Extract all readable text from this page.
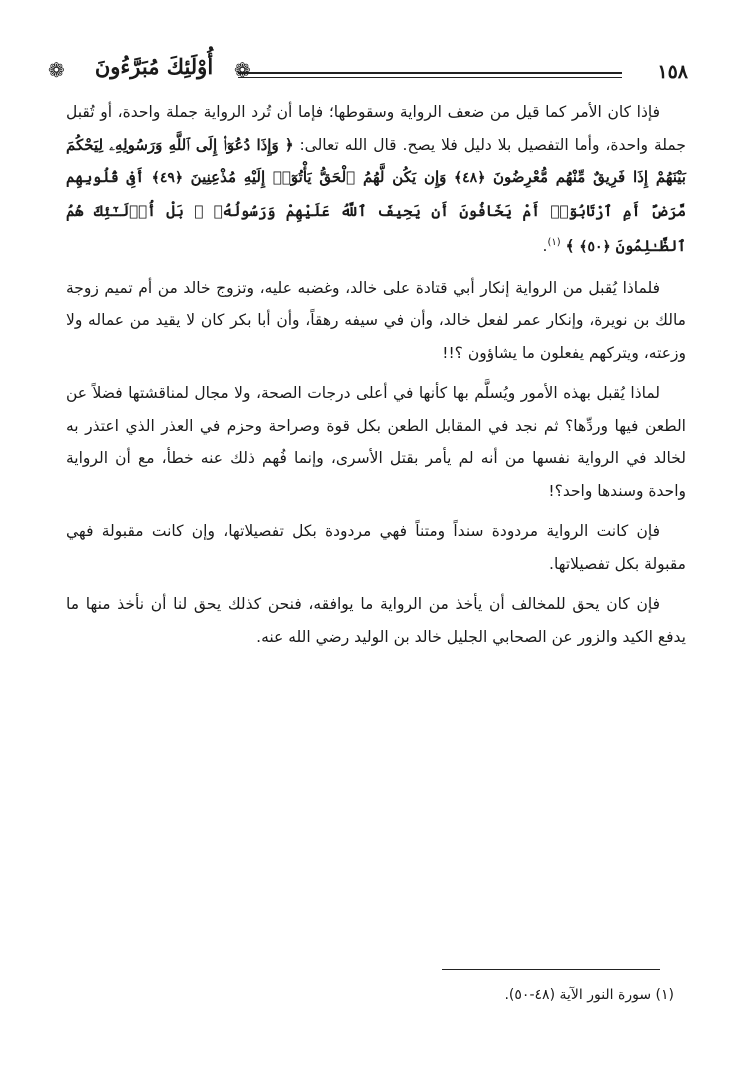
١٥٨
❁
أُوْلَئِكَ مُبَرَّءُونَ
❁

فإذا كان الأمر كما قيل من ضعف الرواية وسقوطها؛ فإما أن تُرد الرواية جملة واحدة، أو تُقبل جملة واحدة، وأما التفصيل بلا دليل فلا يصح. قال الله تعالى: ﴿ وَإِذَا دُعُوٓا۟ إِلَى ٱللَّهِ وَرَسُولِهِۦ لِيَحْكُمَ بَيْنَهُمْ إِذَا فَرِيقٌ مِّنْهُم مُّعْرِضُونَ ﴿٤٨﴾ وَإِن يَكُن لَّهُمُ ٱلْحَقُّ يَأْتُوٓا۟ إِلَيْهِ مُذْعِنِينَ ﴿٤٩﴾ أَفِى قُلُوبِهِم مَّرَضٌ أَمِ ٱرْتَابُوٓا۟ أَمْ يَخَافُونَ أَن يَحِيفَ ٱللَّهُ عَلَيْهِمْ وَرَسُولُهُۥ ۚ بَلْ أُو۟لَـٰٓئِكَ هُمُ ٱلظَّـٰلِمُونَ ﴿٥٠﴾ ﴾ $^{(١)}$.

فلماذا يُقبل من الرواية إنكار أبي قتادة على خالد، وغضبه عليه، وتزوج خالد من أم تميم زوجة مالك بن نويرة، وإنكار عمر لفعل خالد، وأن في سيفه رهقاً، وأن أبا بكر كان لا يقيد من عماله ولا وزعته، ويتركهم يفعلون ما يشاؤون ؟!!

لماذا يُقبل بهذه الأمور ويُسلَّم بها كأنها في أعلى درجات الصحة، ولا مجال لمناقشتها فضلاً عن الطعن فيها وردِّها؟ ثم نجد في المقابل الطعن بكل قوة وصراحة وحزم في العذر الذي اعتذر به لخالد في الرواية نفسها من أنه لم يأمر بقتل الأسرى، وإنما فُهم ذلك عنه خطأ، مع أن الرواية واحدة وسندها واحد؟!

فإن كانت الرواية مردودة سنداً ومتناً فهي مردودة بكل تفصيلاتها، وإن كانت مقبولة فهي مقبولة بكل تفصيلاتها.

فإن كان يحق للمخالف أن يأخذ من الرواية ما يوافقه، فنحن كذلك يحق لنا أن نأخذ منها ما يدفع الكيد والزور عن الصحابي الجليل خالد بن الوليد رضي الله عنه.

(١) سورة النور الآية (٤٨-٥٠).
